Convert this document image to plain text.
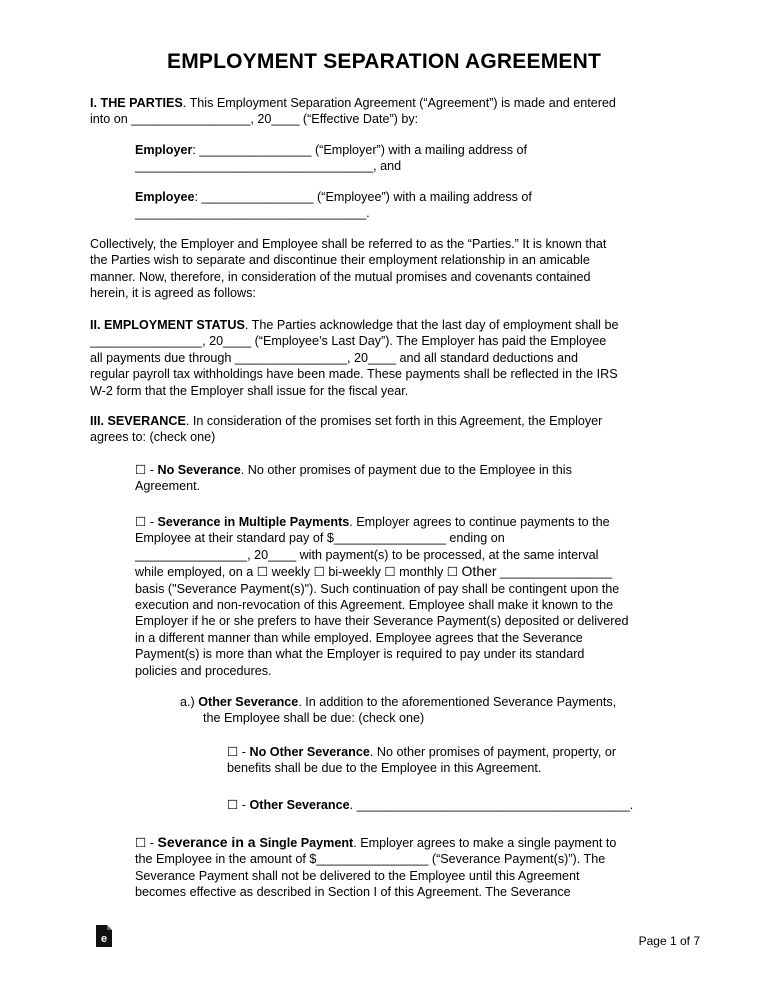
EMPLOYMENT SEPARATION AGREEMENT
I. THE PARTIES. This Employment Separation Agreement (“Agreement”) is made and entered
into on _________________, 20____ (“Effective Date”) by:
Employer: ________________ (“Employer”) with a mailing address of
__________________________________, and
Employee: ________________ (“Employee”) with a mailing address of
_________________________________.
Collectively, the Employer and Employee shall be referred to as the “Parties.” It is known that
the Parties wish to separate and discontinue their employment relationship in an amicable
manner. Now, therefore, in consideration of the mutual promises and covenants contained
herein, it is agreed as follows:
II. EMPLOYMENT STATUS. The Parties acknowledge that the last day of employment shall be
________________, 20____ (“Employee’s Last Day”). The Employer has paid the Employee
all payments due through ________________, 20____ and all standard deductions and
regular payroll tax withholdings have been made. These payments shall be reflected in the IRS
W-2 form that the Employer shall issue for the fiscal year.
III. SEVERANCE. In consideration of the promises set forth in this Agreement, the Employer
agrees to: (check one)
☐ - No Severance. No other promises of payment due to the Employee in this
Agreement.
☐ - Severance in Multiple Payments. Employer agrees to continue payments to the
Employee at their standard pay of $________________ ending on
________________, 20____ with payment(s) to be processed, at the same interval
while employed, on a ☐ weekly ☐ bi-weekly ☐ monthly ☐ Other ________________
basis ("Severance Payment(s)"). Such continuation of pay shall be contingent upon the
execution and non-revocation of this Agreement. Employee shall make it known to the
Employer if he or she prefers to have their Severance Payment(s) deposited or delivered
in a different manner than while employed. Employee agrees that the Severance
Payment(s) is more than what the Employer is required to pay under its standard
policies and procedures.
a.) Other Severance. In addition to the aforementioned Severance Payments,
the Employee shall be due: (check one)
☐ - No Other Severance. No other promises of payment, property, or
benefits shall be due to the Employee in this Agreement.
☐ - Other Severance. _______________________________________.
☐ - Severance in a Single Payment. Employer agrees to make a single payment to
the Employee in the amount of $________________ (“Severance Payment(s)”). The
Severance Payment shall not be delivered to the Employee until this Agreement
becomes effective as described in Section I of this Agreement. The Severance
e	Page 1 of 7
